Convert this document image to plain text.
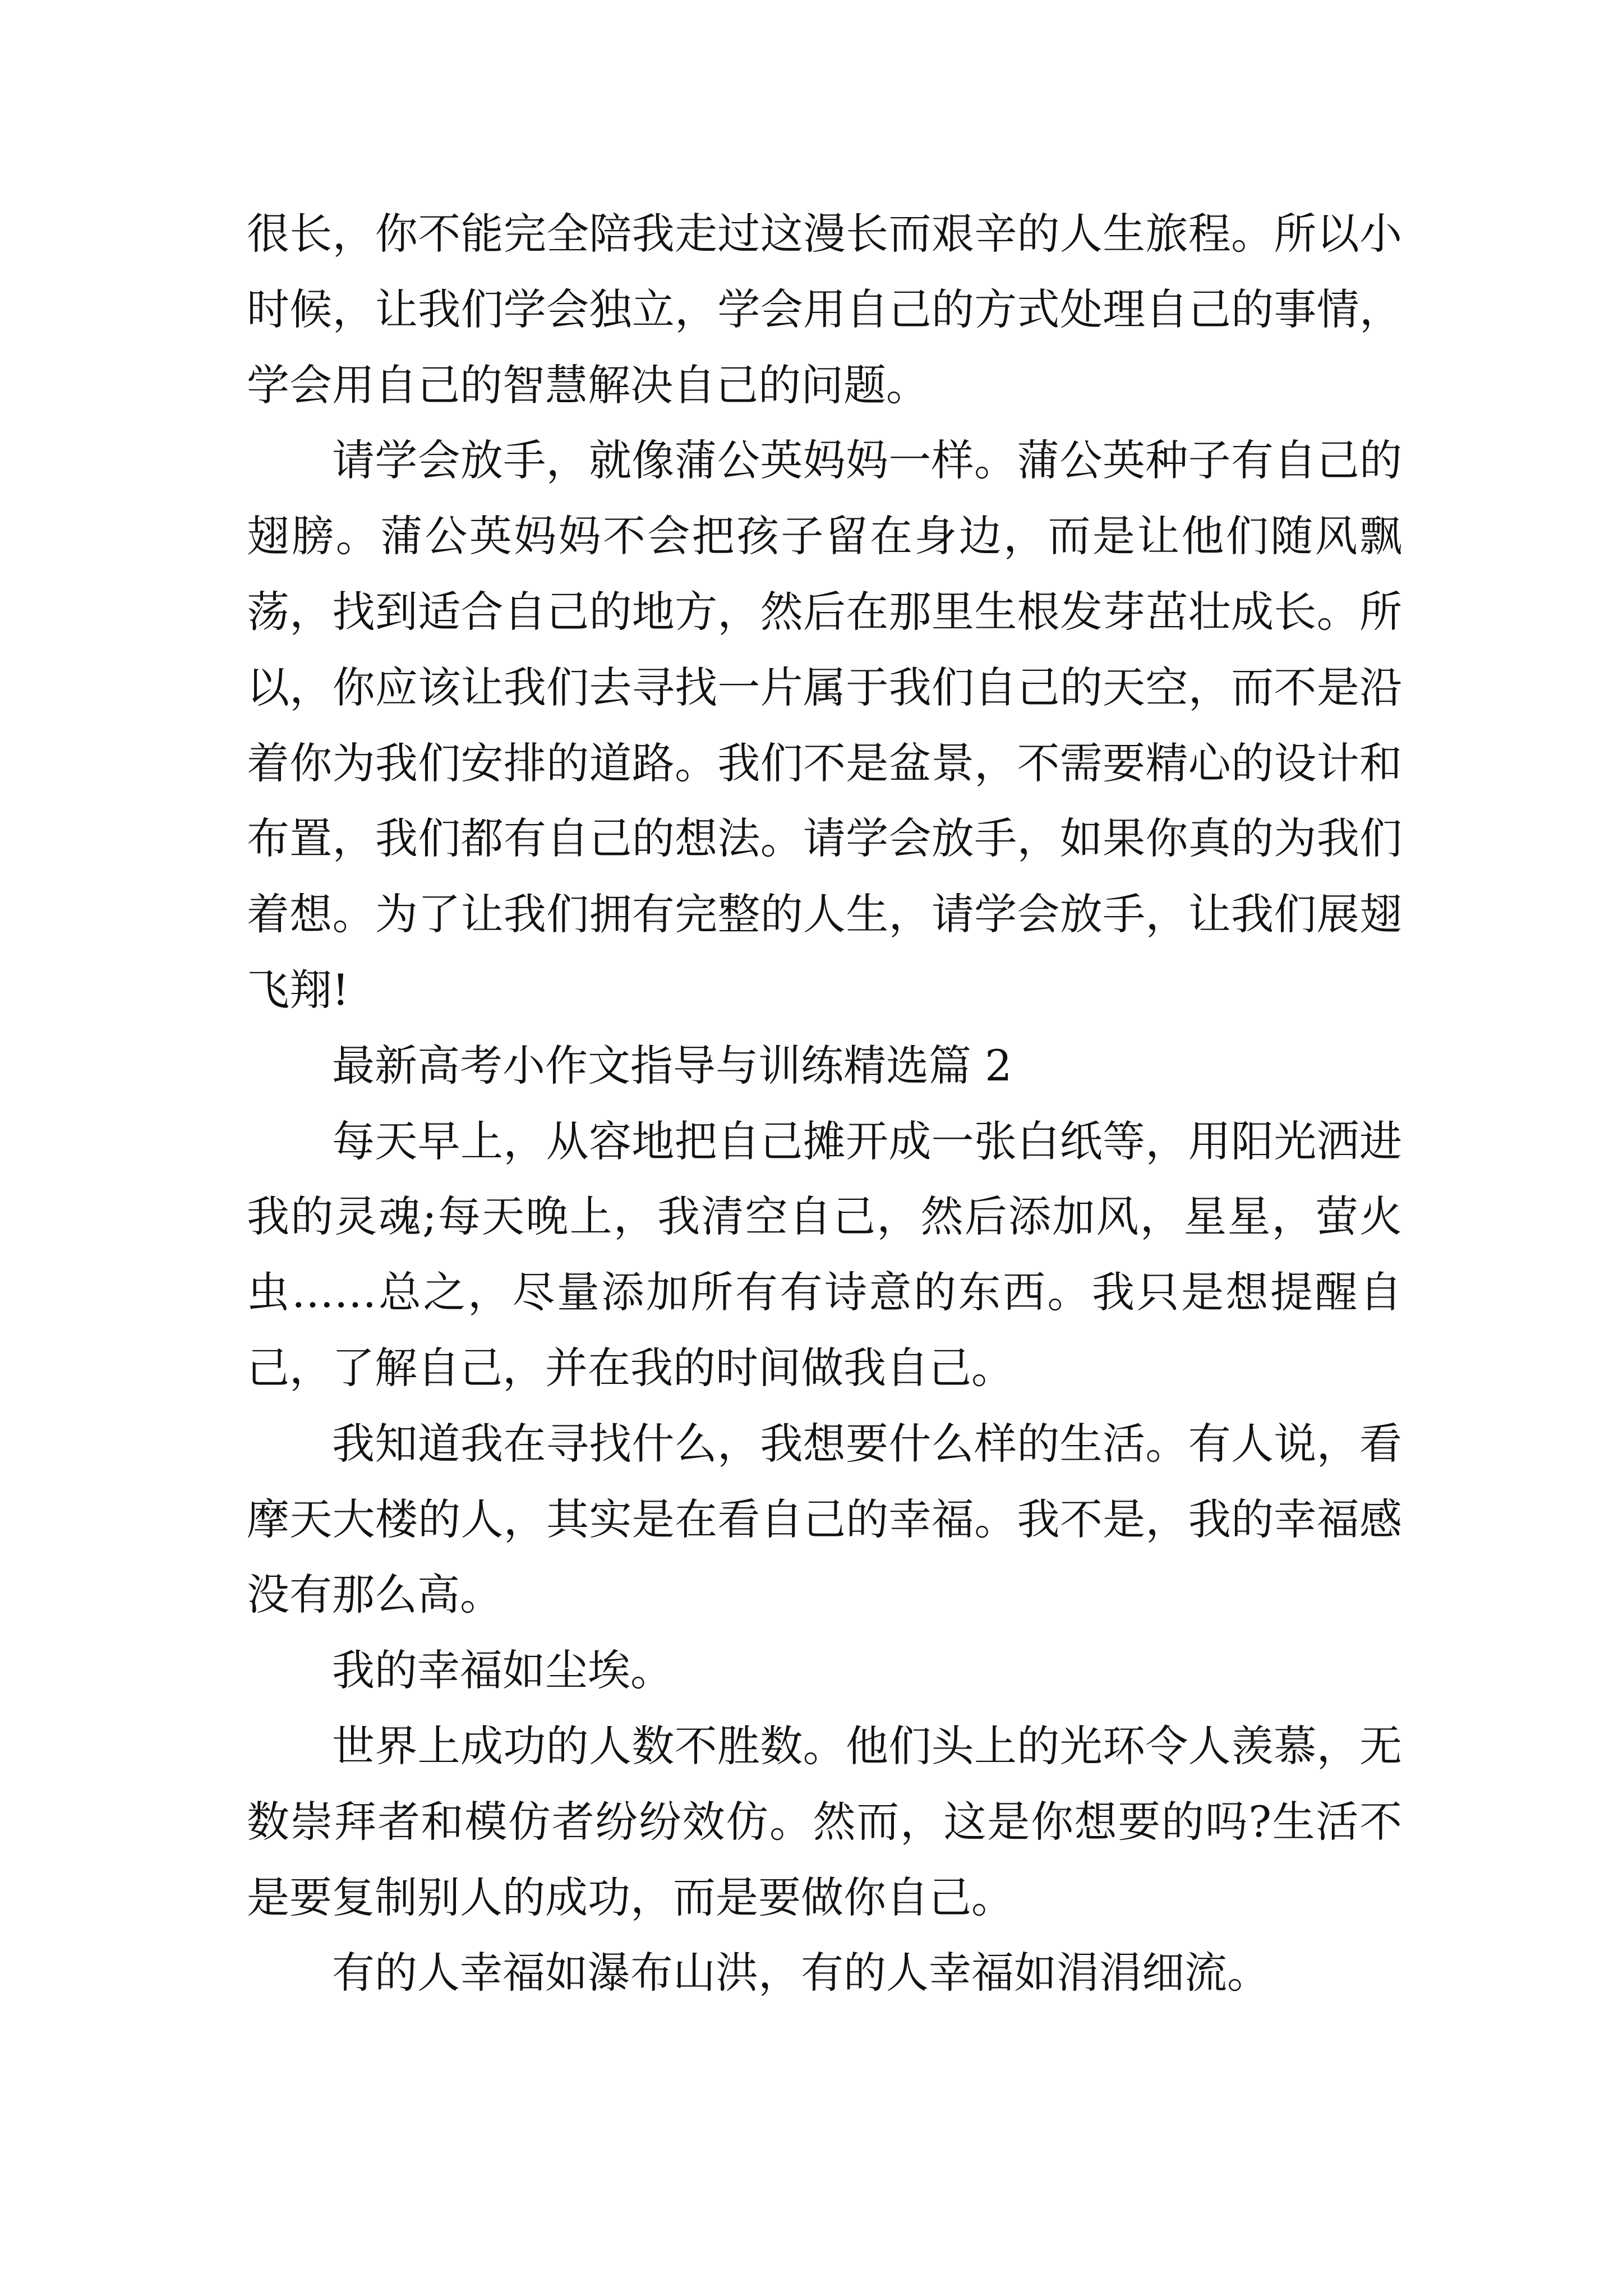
很长，你不能完全陪我走过这漫长而艰辛的人生旅程。所以小时候，让我们学会独立，学会用自己的方式处理自己的事情，学会用自己的智慧解决自己的问题。

请学会放手，就像蒲公英妈妈一样。蒲公英种子有自己的翅膀。蒲公英妈妈不会把孩子留在身边，而是让他们随风飘荡，找到适合自己的地方，然后在那里生根发芽茁壮成长。所以，你应该让我们去寻找一片属于我们自己的天空，而不是沿着你为我们安排的道路。我们不是盆景，不需要精心的设计和布置，我们都有自己的想法。请学会放手，如果你真的为我们着想。为了让我们拥有完整的人生，请学会放手，让我们展翅飞翔!

最新高考小作文指导与训练精选篇 2

每天早上，从容地把自己摊开成一张白纸等，用阳光洒进我的灵魂;每天晚上，我清空自己，然后添加风，星星，萤火虫……总之，尽量添加所有有诗意的东西。我只是想提醒自己，了解自己，并在我的时间做我自己。

我知道我在寻找什么，我想要什么样的生活。有人说，看摩天大楼的人，其实是在看自己的幸福。我不是，我的幸福感没有那么高。

我的幸福如尘埃。

世界上成功的人数不胜数。他们头上的光环令人羡慕，无数崇拜者和模仿者纷纷效仿。然而，这是你想要的吗?生活不是要复制别人的成功，而是要做你自己。

有的人幸福如瀑布山洪，有的人幸福如涓涓细流。
